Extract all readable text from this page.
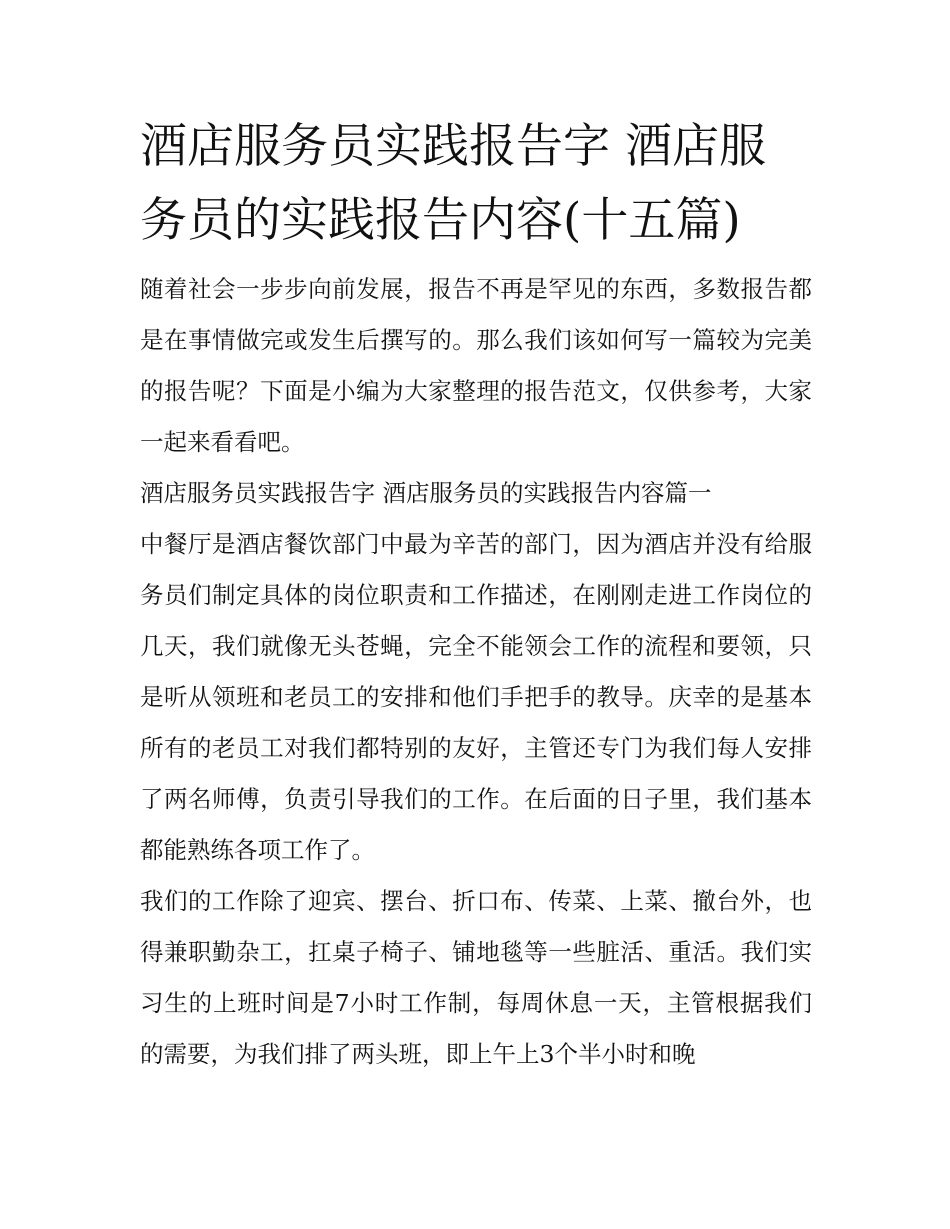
酒店服务员实践报告字 酒店服务员的实践报告内容(十五篇)

随着社会一步步向前发展，报告不再是罕见的东西，多数报告都是在事情做完或发生后撰写的。那么我们该如何写一篇较为完美的报告呢？下面是小编为大家整理的报告范文，仅供参考，大家一起来看看吧。

酒店服务员实践报告字 酒店服务员的实践报告内容篇一

中餐厅是酒店餐饮部门中最为辛苦的部门，因为酒店并没有给服务员们制定具体的岗位职责和工作描述，在刚刚走进工作岗位的几天，我们就像无头苍蝇，完全不能领会工作的流程和要领，只是听从领班和老员工的安排和他们手把手的教导。庆幸的是基本所有的老员工对我们都特别的友好，主管还专门为我们每人安排了两名师傅，负责引导我们的工作。在后面的日子里，我们基本都能熟练各项工作了。

我们的工作除了迎宾、摆台、折口布、传菜、上菜、撤台外，也得兼职勤杂工，扛桌子椅子、铺地毯等一些脏活、重活。我们实习生的上班时间是7小时工作制，每周休息一天，主管根据我们的需要，为我们排了两头班，即上午上3个半小时和晚
